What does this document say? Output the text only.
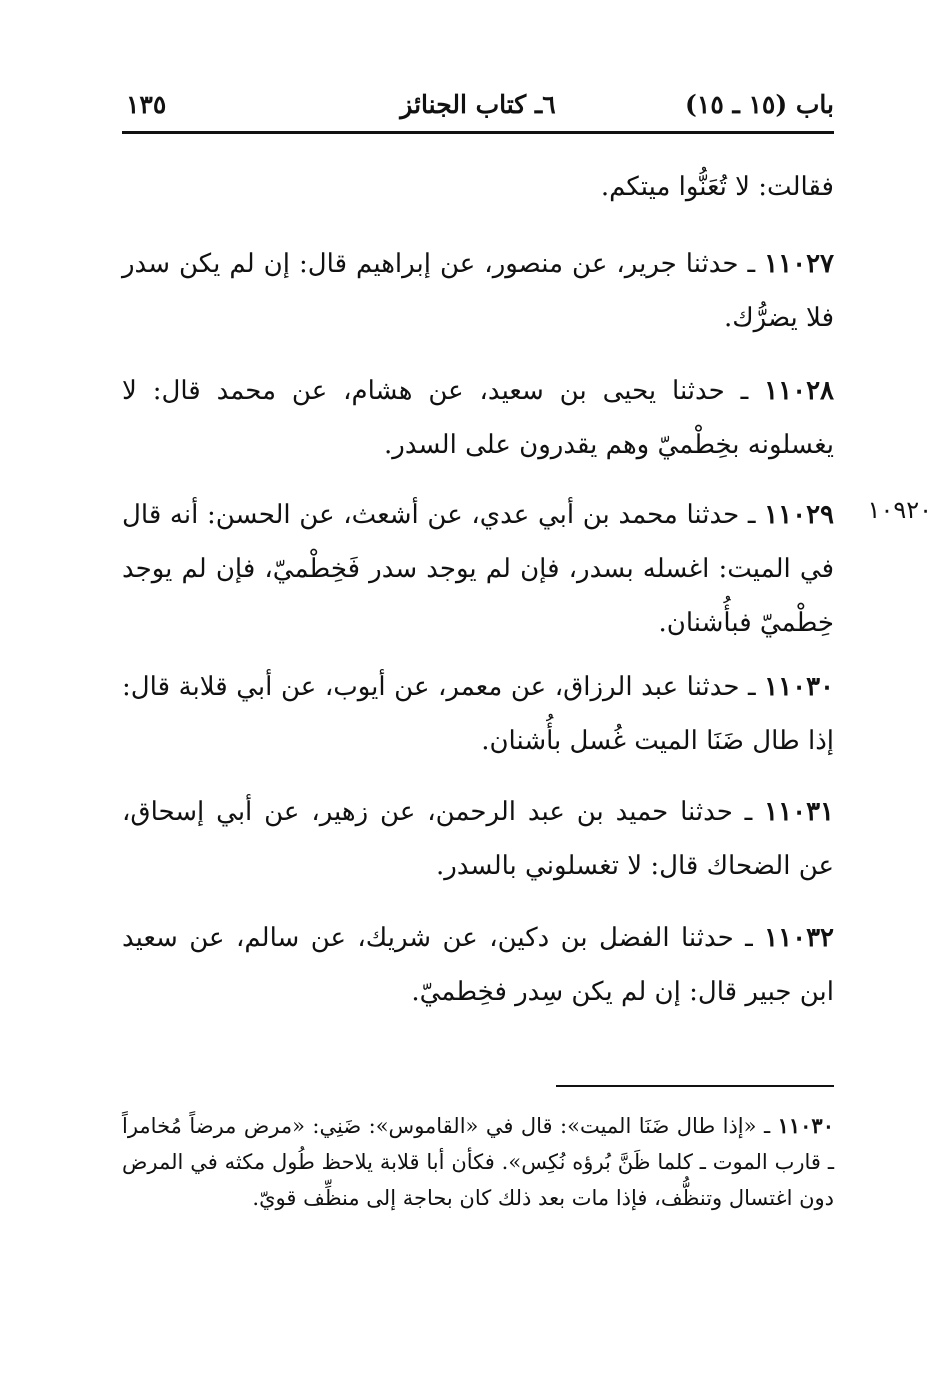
باب (١٥ ـ ١٥)
٦ـ كتاب الجنائز
١٣٥
فقالت: لا تُعَنُّوا ميتكم.
١١٠٢٧ ـ حدثنا جرير، عن منصور، عن إبراهيم قال: إن لم يكن سدر فلا يضرُّك.
١١٠٢٨ ـ حدثنا يحيى بن سعيد، عن هشام، عن محمد قال: لا يغسلونه بخِطْميّ وهم يقدرون على السدر.
١٠٩٢٠
١١٠٢٩ ـ حدثنا محمد بن أبي عدي، عن أشعث، عن الحسن: أنه قال في الميت: اغسله بسدر، فإن لم يوجد سدر فَخِطْميّ، فإن لم يوجد خِطْميّ فبأُشنان.
١١٠٣٠ ـ حدثنا عبد الرزاق، عن معمر، عن أيوب، عن أبي قلابة قال: إذا طال ضَنَا الميت غُسل بأُشنان.
١١٠٣١ ـ حدثنا حميد بن عبد الرحمن، عن زهير، عن أبي إسحاق، عن الضحاك قال: لا تغسلوني بالسدر.
١١٠٣٢ ـ حدثنا الفضل بن دكين، عن شريك، عن سالم، عن سعيد ابن جبير قال: إن لم يكن سِدر فخِطميّ.
١١٠٣٠ ـ «إذا طال ضَنَا الميت»: قال في «القاموس»: ضَنِي: «مرض مرضاً مُخامراً ـ قارب الموت ـ كلما ظَنَّ بُرؤه نُكِس». فكأن أبا قلابة يلاحظ طُول مكثه في المرض دون اغتسال وتنظُّف، فإذا مات بعد ذلك كان بحاجة إلى منظِّف قويّ.
